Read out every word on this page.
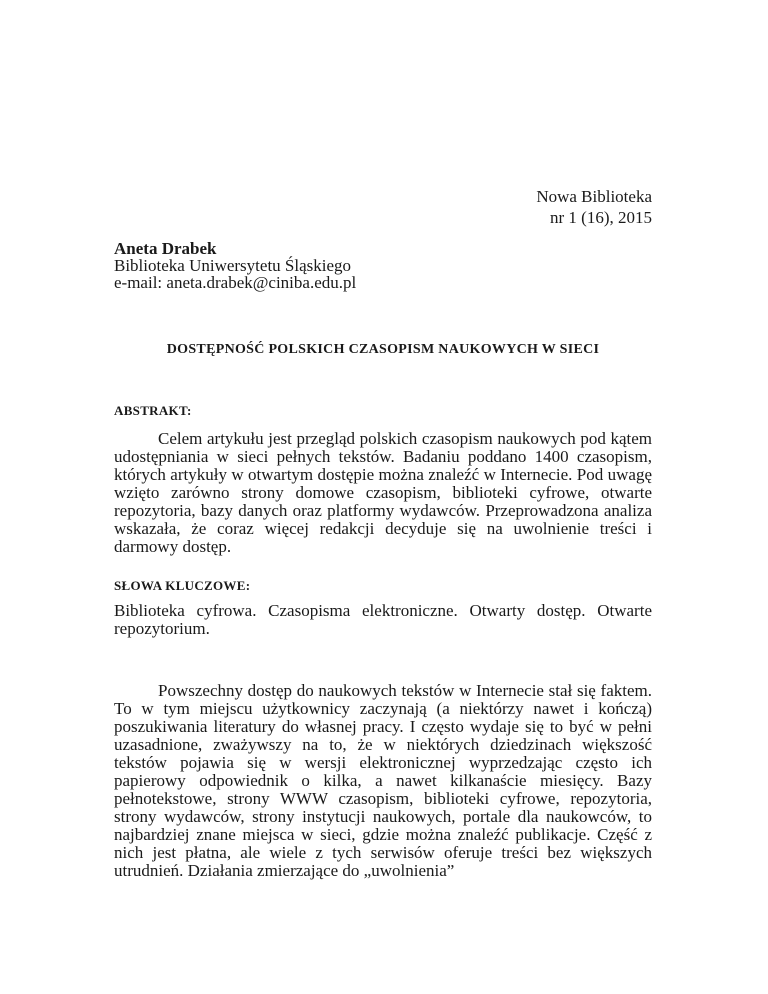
Nowa Biblioteka
nr 1 (16), 2015
Aneta Drabek
Biblioteka Uniwersytetu Śląskiego
e-mail: aneta.drabek@ciniba.edu.pl
DOSTĘPNOŚĆ POLSKICH CZASOPISM NAUKOWYCH W SIECI
ABSTRAKT:

Celem artykułu jest przegląd polskich czasopism naukowych pod kątem udostępniania w sieci pełnych tekstów. Badaniu poddano 1400 czasopism, których artykuły w otwartym dostępie można znaleźć w Internecie. Pod uwagę wzięto zarówno strony domowe czasopism, biblioteki cyfrowe, otwarte repozytoria, bazy danych oraz platformy wydawców. Przeprowadzona analiza wskazała, że coraz więcej redakcji decyduje się na uwolnienie treści i darmowy dostęp.

SŁOWA KLUCZOWE:

Biblioteka cyfrowa. Czasopisma elektroniczne. Otwarty dostęp. Otwarte repozytorium.

Powszechny dostęp do naukowych tekstów w Internecie stał się faktem. To w tym miejscu użytkownicy zaczynają (a niektórzy nawet i kończą) poszukiwania literatury do własnej pracy. I często wydaje się to być w pełni uzasadnione, zważywszy na to, że w niektórych dziedzinach większość tekstów pojawia się w wersji elektronicznej wyprzedzając często ich papierowy odpowiednik o kilka, a nawet kilkanaście miesięcy. Bazy pełnotekstowe, strony WWW czasopism, biblioteki cyfrowe, repozytoria, strony wydawców, strony instytucji naukowych, portale dla naukowców, to najbardziej znane miejsca w sieci, gdzie można znaleźć publikacje. Część z nich jest płatna, ale wiele z tych serwisów oferuje treści bez większych utrudnień. Działania zmierzające do „uwolnienia”
